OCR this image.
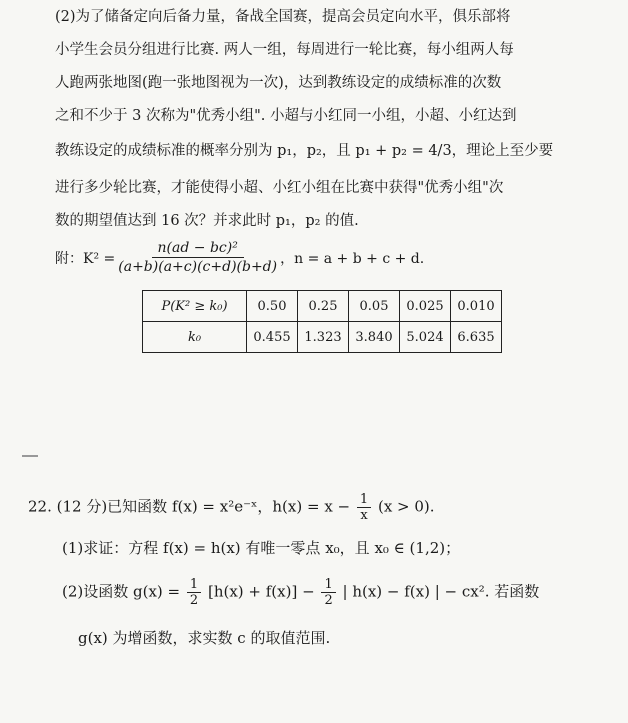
(2)为了储备定向后备力量，备战全国赛，提高会员定向水平，俱乐部将
小学生会员分组进行比赛. 两人一组，每周进行一轮比赛，每小组两人每
人跑两张地图(跑一张地图视为一次)，达到教练设定的成绩标准的次数
之和不少于 3 次称为"优秀小组". 小超与小红同一小组，小超、小红达到
教练设定的成绩标准的概率分别为 p₁，p₂，且 p₁ + p₂ = 4/3，理论上至少要
进行多少轮比赛，才能使得小超、小红小组在比赛中获得"优秀小组"次
数的期望值达到 16 次？并求此时 p₁，p₂ 的值.
附：$K^2 = \frac{\text{n(ad − bc)²}}{(a+b)(a+c)(c+d)(b+d)}$ ，n = a + b + c + d.
P(K² ≥ k₀)	0.50	0.25	0.05	0.025	0.010
k₀	0.455	1.323	3.840	5.024	6.635
22. (12 分)已知函数 f(x) = x²e⁻ˣ，$h(x) = x - \frac{1}{x} (x > 0)$.
(1)求证：方程 f(x) = h(x) 有唯一零点 x₀，且 x₀ ∈ (1,2)；
(2)设函数 $g(x) = \frac{1}{2} [h(x) + f(x)] - \frac{1}{2}$ | h(x) − f(x) | − cx². 若函数
g(x) 为增函数，求实数 c 的取值范围.
